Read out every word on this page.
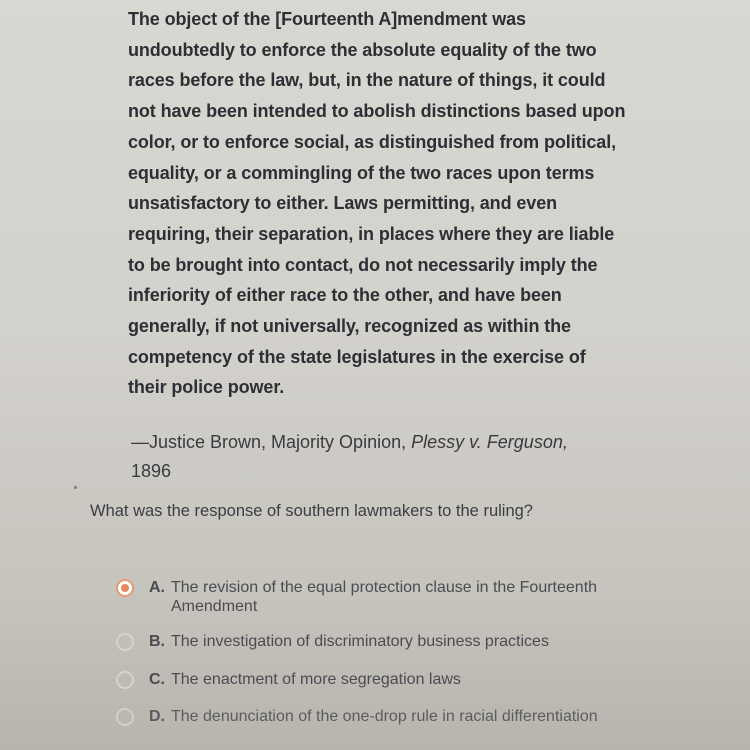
The object of the [Fourteenth A]mendment was
undoubtedly to enforce the absolute equality of the two
races before the law, but, in the nature of things, it could
not have been intended to abolish distinctions based upon
color, or to enforce social, as distinguished from political,
equality, or a commingling of the two races upon terms
unsatisfactory to either. Laws permitting, and even
requiring, their separation, in places where they are liable
to be brought into contact, do not necessarily imply the
inferiority of either race to the other, and have been
generally, if not universally, recognized as within the
competency of the state legislatures in the exercise of
their police power.
—Justice Brown, Majority Opinion, Plessy v. Ferguson,
1896
What was the response of southern lawmakers to the ruling?
A. The revision of the equal protection clause in the Fourteenth
Amendment
B. The investigation of discriminatory business practices
C. The enactment of more segregation laws
D. The denunciation of the one-drop rule in racial differentiation
